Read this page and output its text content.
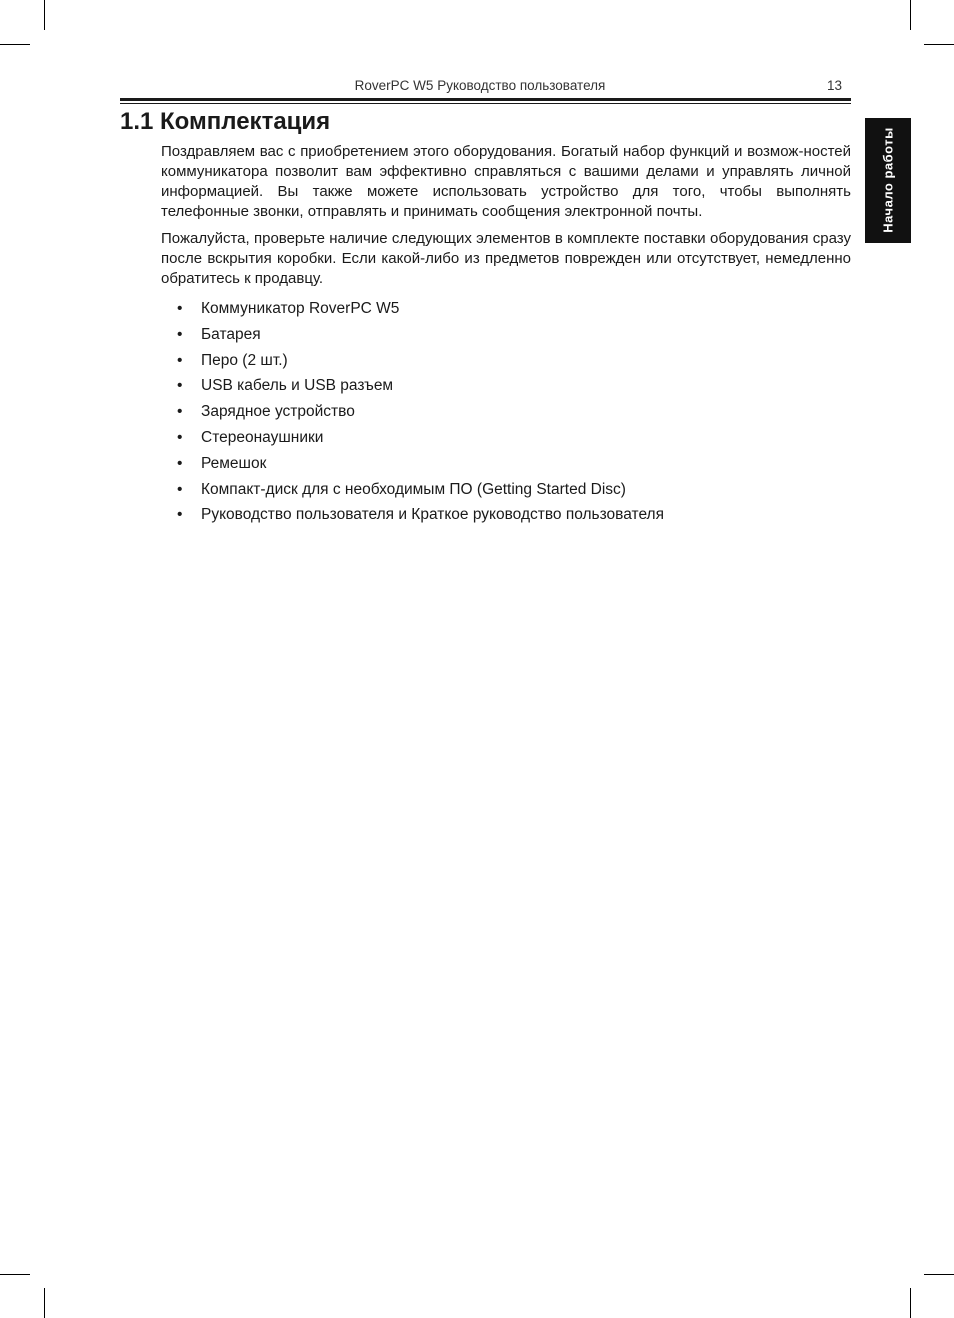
RoverPC W5 Руководство пользователя	13
Начало работы
1.1 Комплектация

Поздравляем вас с приобретением этого оборудования. Богатый набор функций и возмож-ностей коммуникатора позволит вам эффективно справляться с вашими делами и управлять личной информацией. Вы также можете использовать устройство для того, чтобы выполнять телефонные звонки, отправлять и принимать сообщения электронной почты.

Пожалуйста, проверьте наличие следующих элементов в комплекте поставки оборудования сразу после вскрытия коробки. Если какой-либо из предметов поврежден или отсутствует, немедленно обратитесь к продавцу.

• Коммуникатор RoverPC W5
• Батарея
• Перо (2 шт.)
• USB кабель и USB разъем
• Зарядное устройство
• Стереонаушники
• Ремешок
• Компакт-диск для с необходимым ПО (Getting Started Disc)
• Руководство пользователя и Краткое руководство пользователя
